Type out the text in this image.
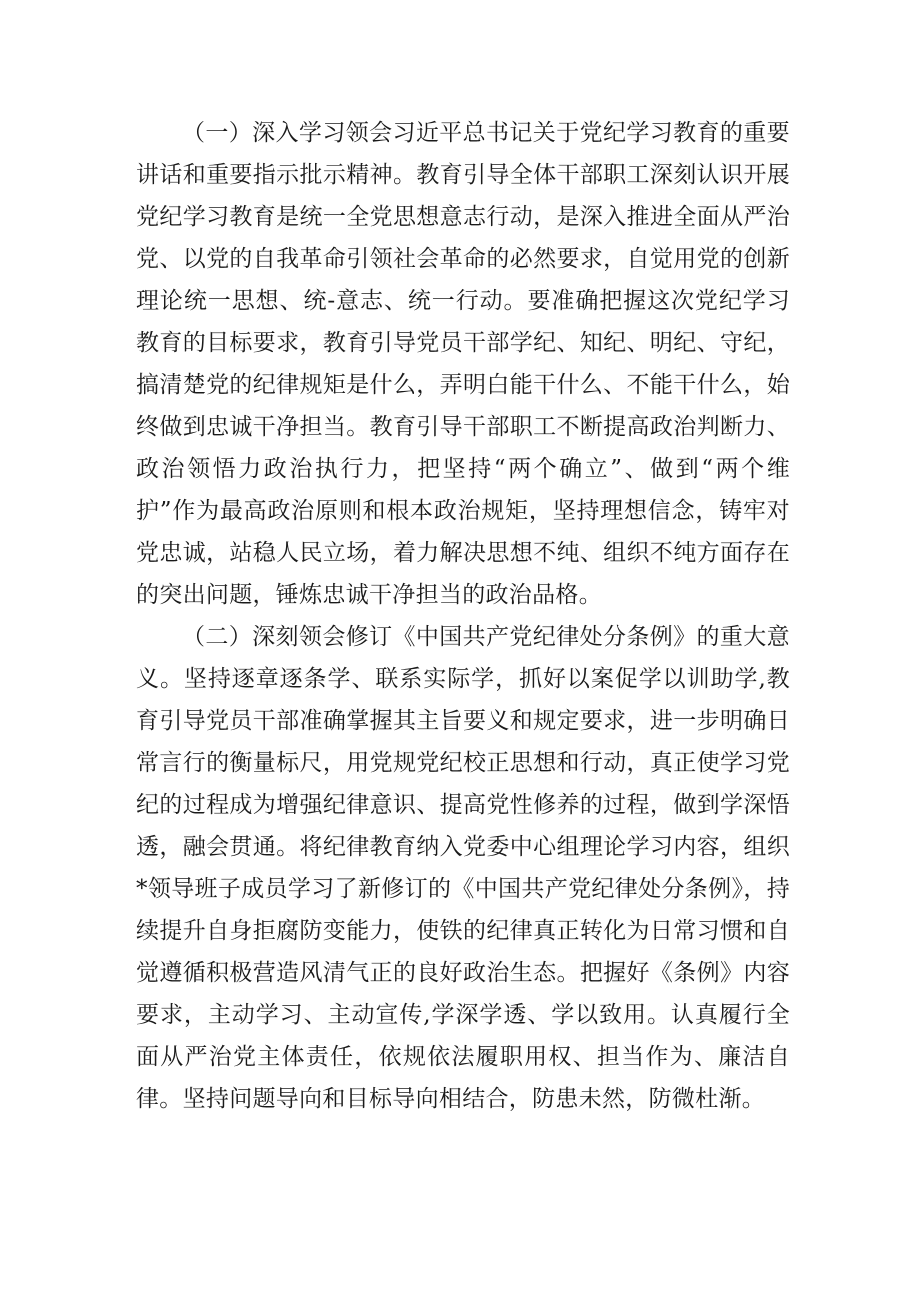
（一）深入学习领会习近平总书记关于党纪学习教育的重要讲话和重要指示批示精神。教育引导全体干部职工深刻认识开展党纪学习教育是统一全党思想意志行动，是深入推进全面从严治党、以党的自我革命引领社会革命的必然要求，自觉用党的创新理论统一思想、统-意志、统一行动。要准确把握这次党纪学习教育的目标要求，教育引导党员干部学纪、知纪、明纪、守纪，搞清楚党的纪律规矩是什么，弄明白能干什么、不能干什么，始终做到忠诚干净担当。教育引导干部职工不断提高政治判断力、政治领悟力政治执行力，把坚持“两个确立”、做到“两个维护”作为最高政治原则和根本政治规矩，坚持理想信念，铸牢对党忠诚，站稳人民立场，着力解决思想不纯、组织不纯方面存在的突出问题，锤炼忠诚干净担当的政治品格。

（二）深刻领会修订《中国共产党纪律处分条例》的重大意义。坚持逐章逐条学、联系实际学，抓好以案促学以训助学,教育引导党员干部准确掌握其主旨要义和规定要求，进一步明确日常言行的衡量标尺，用党规党纪校正思想和行动，真正使学习党纪的过程成为增强纪律意识、提高党性修养的过程，做到学深悟透，融会贯通。将纪律教育纳入党委中心组理论学习内容，组织*领导班子成员学习了新修订的《中国共产党纪律处分条例》，持续提升自身拒腐防变能力，使铁的纪律真正转化为日常习惯和自觉遵循积极营造风清气正的良好政治生态。把握好《条例》内容要求，主动学习、主动宣传,学深学透、学以致用。认真履行全面从严治党主体责任，依规依法履职用权、担当作为、廉洁自律。坚持问题导向和目标导向相结合，防患未然，防微杜渐。
